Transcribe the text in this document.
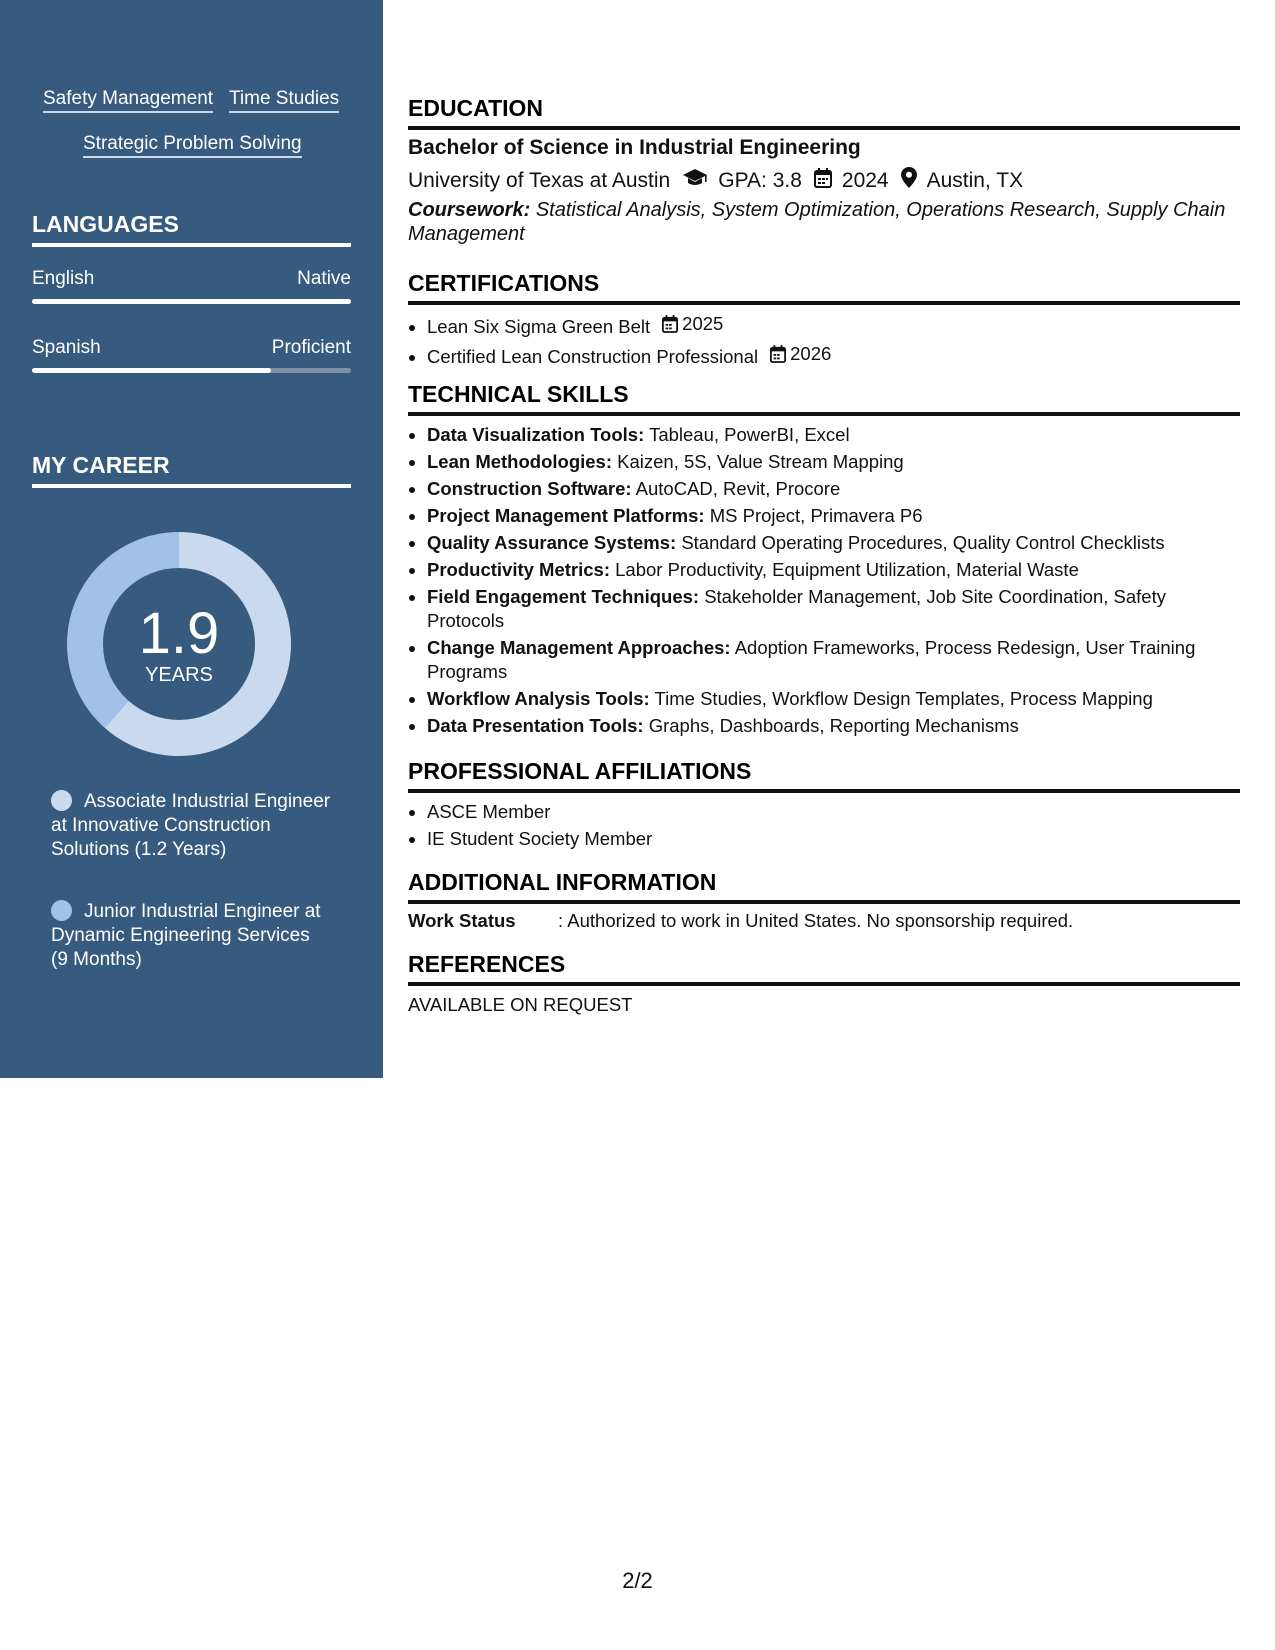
Safety Management Time Studies
Strategic Problem Solving
LANGUAGES
English	Native
Spanish	Proficient
MY CAREER
1.9
YEARS
Associate Industrial Engineer at Innovative Construction Solutions (1.2 Years)
Junior Industrial Engineer at Dynamic Engineering Services (9 Months)
EDUCATION
Bachelor of Science in Industrial Engineering
University of Texas at Austin GPA: 3.8 2024 Austin, TX
Coursework: Statistical Analysis, System Optimization, Operations Research, Supply Chain Management
CERTIFICATIONS
• Lean Six Sigma Green Belt 2025
• Certified Lean Construction Professional 2026
TECHNICAL SKILLS
• Data Visualization Tools: Tableau, PowerBI, Excel
• Lean Methodologies: Kaizen, 5S, Value Stream Mapping
• Construction Software: AutoCAD, Revit, Procore
• Project Management Platforms: MS Project, Primavera P6
• Quality Assurance Systems: Standard Operating Procedures, Quality Control Checklists
• Productivity Metrics: Labor Productivity, Equipment Utilization, Material Waste
• Field Engagement Techniques: Stakeholder Management, Job Site Coordination, Safety Protocols
• Change Management Approaches: Adoption Frameworks, Process Redesign, User Training Programs
• Workflow Analysis Tools: Time Studies, Workflow Design Templates, Process Mapping
• Data Presentation Tools: Graphs, Dashboards, Reporting Mechanisms
PROFESSIONAL AFFILIATIONS
• ASCE Member
• IE Student Society Member
ADDITIONAL INFORMATION
Work Status : Authorized to work in United States. No sponsorship required.
REFERENCES
AVAILABLE ON REQUEST
2/2
